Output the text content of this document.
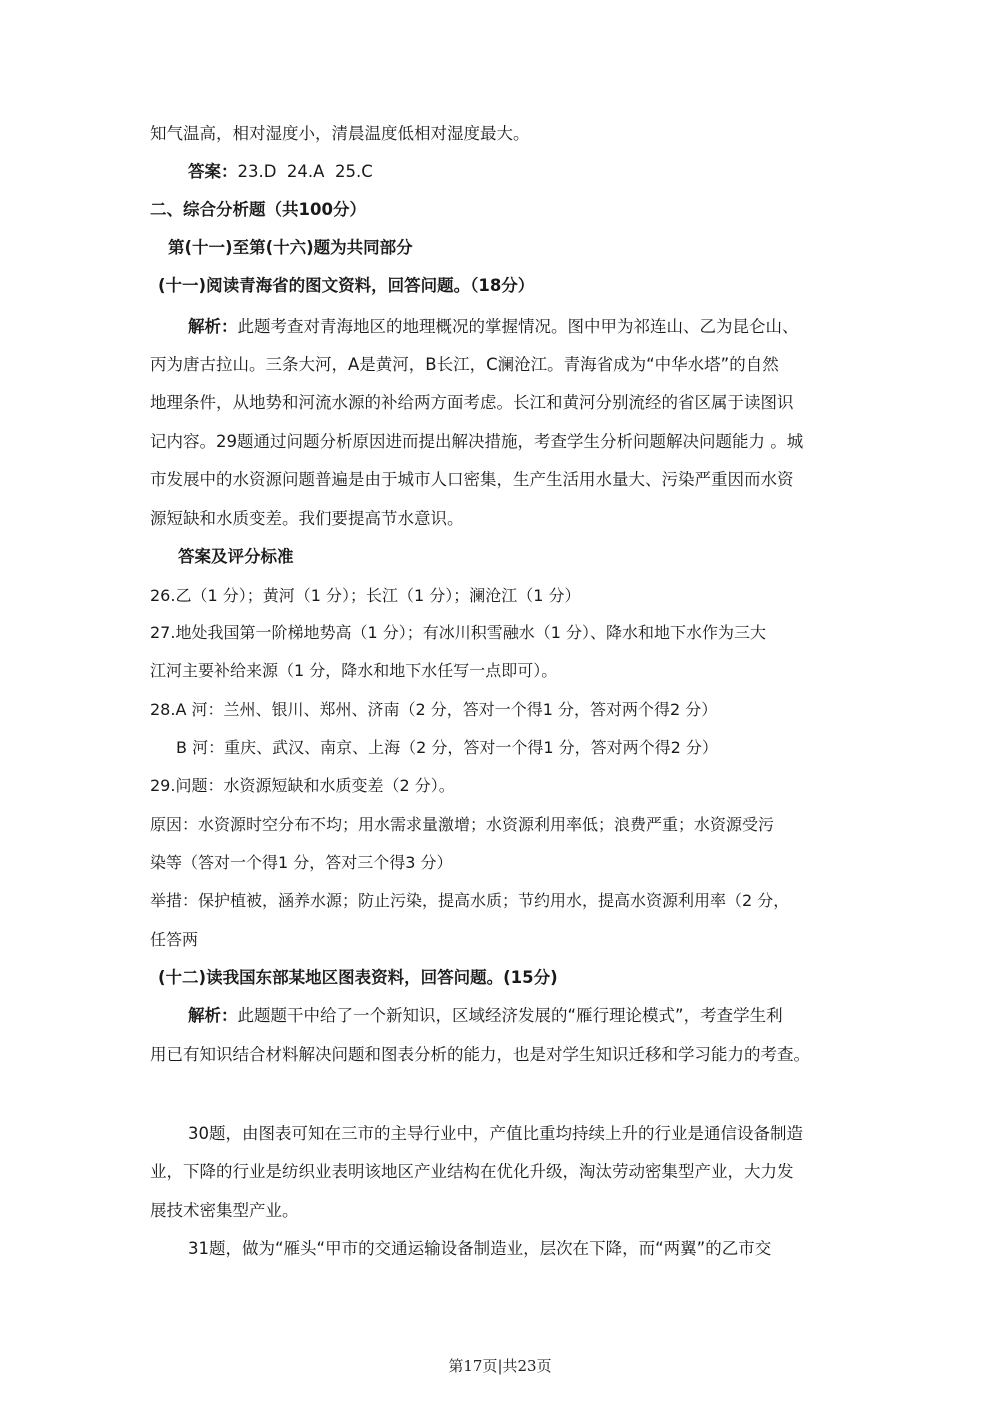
知气温高，相对湿度小，清晨温度低相对湿度最大。
答案：23.D  24.A  25.C
二、综合分析题（共100分）
第(十一)至第(十六)题为共同部分
(十一)阅读青海省的图文资料，回答问题。（18分）
解析：此题考查对青海地区的地理概况的掌握情况。图中甲为祁连山、乙为昆仑山、
丙为唐古拉山。三条大河，A是黄河，B长江，C澜沧江。青海省成为“中华水塔”的自然
地理条件，从地势和河流水源的补给两方面考虑。长江和黄河分别流经的省区属于读图识
记内容。29题通过问题分析原因进而提出解决措施，考查学生分析问题解决问题能力 。城
市发展中的水资源问题普遍是由于城市人口密集，生产生活用水量大、污染严重因而水资
源短缺和水质变差。我们要提高节水意识。
答案及评分标准
26.乙（1 分）；黄河（1 分）；长江（1 分）；澜沧江（1 分）
27.地处我国第一阶梯地势高（1 分）；有冰川积雪融水（1 分）、降水和地下水作为三大
江河主要补给来源（1 分，降水和地下水任写一点即可）。
28.A 河：兰州、银川、郑州、济南（2 分，答对一个得1 分，答对两个得2 分）
B 河：重庆、武汉、南京、上海（2 分，答对一个得1 分，答对两个得2 分）
29.问题：水资源短缺和水质变差（2 分）。
原因：水资源时空分布不均；用水需求量激增；水资源利用率低；浪费严重；水资源受污
染等（答对一个得1 分，答对三个得3 分）
举措：保护植被，涵养水源；防止污染，提高水质；节约用水，提高水资源利用率（2 分，
任答两
(十二)读我国东部某地区图表资料，回答问题。(15分)
解析：此题题干中给了一个新知识，区域经济发展的“雁行理论模式”，考查学生利
用已有知识结合材料解决问题和图表分析的能力，也是对学生知识迁移和学习能力的考查。
30题，由图表可知在三市的主导行业中，产值比重均持续上升的行业是通信设备制造
业，下降的行业是纺织业表明该地区产业结构在优化升级，淘汰劳动密集型产业，大力发
展技术密集型产业。
31题，做为“雁头“甲市的交通运输设备制造业，层次在下降，而“两翼”的乙市交
第17页|共23页
